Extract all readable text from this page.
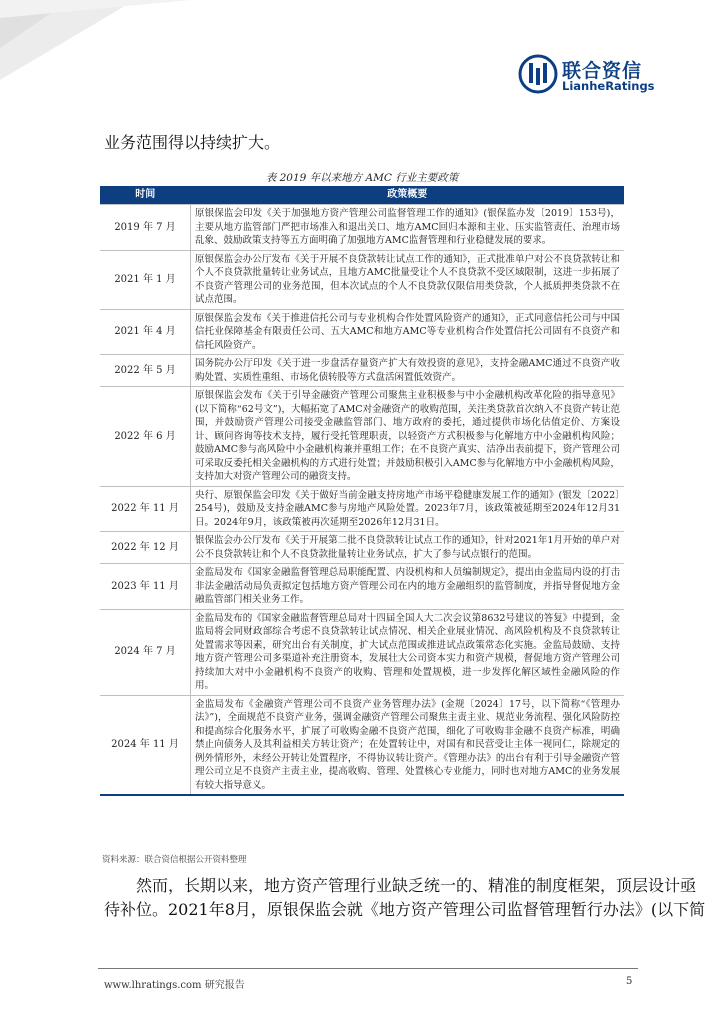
联合资信
LianheRatings
业务范围得以持续扩大。
表 2019 年以来地方 AMC 行业主要政策
时间	政策概要
2019 年 7 月	原银保监会印发《关于加强地方资产管理公司监督管理工作的通知》(银保监办发〔2019〕153号)，主要从地方监管部门严把市场准入和退出关口、地方AMC回归本源和主业、压实监管责任、治理市场乱象、鼓励政策支持等五方面明确了加强地方AMC监督管理和行业稳健发展的要求。
2021 年 1 月	原银保监会办公厅发布《关于开展不良贷款转让试点工作的通知》，正式批准单户对公不良贷款转让和个人不良贷款批量转让业务试点，且地方AMC批量受让个人不良贷款不受区域限制，这进一步拓展了不良资产管理公司的业务范围，但本次试点的个人不良贷款仅限信用类贷款，个人抵质押类贷款不在试点范围。
2021 年 4 月	原银保监会发布《关于推进信托公司与专业机构合作处置风险资产的通知》，正式同意信托公司与中国信托业保障基金有限责任公司、五大AMC和地方AMC等专业机构合作处置信托公司固有不良资产和信托风险资产。
2022 年 5 月	国务院办公厅印发《关于进一步盘活存量资产扩大有效投资的意见》，支持金融AMC通过不良资产收购处置、实质性重组、市场化债转股等方式盘活闲置低效资产。
2022 年 6 月	原银保监会发布《关于引导金融资产管理公司聚焦主业积极参与中小金融机构改革化险的指导意见》(以下简称“62号文”)，大幅拓宽了AMC对金融资产的收购范围，关注类贷款首次纳入不良资产转让范围，并鼓励资产管理公司接受金融监管部门、地方政府的委托，通过提供市场化估值定价、方案设计、顾问咨询等技术支持，履行受托管理职责，以轻资产方式积极参与化解地方中小金融机构风险；鼓励AMC参与高风险中小金融机构兼并重组工作；在不良资产真实、洁净出表前提下，资产管理公司可采取反委托相关金融机构的方式进行处置；并鼓励积极引入AMC参与化解地方中小金融机构风险，支持加大对资产管理公司的融资支持。
2022 年 11 月	央行、原银保监会印发《关于做好当前金融支持房地产市场平稳健康发展工作的通知》(银发〔2022〕254号)，鼓励及支持金融AMC参与房地产风险处置。2023年7月，该政策被延期至2024年12月31日。2024年9月，该政策被再次延期至2026年12月31日。
2022 年 12 月	银保监会办公厅发布《关于开展第二批不良贷款转让试点工作的通知》，针对2021年1月开始的单户对公不良贷款转让和个人不良贷款批量转让业务试点，扩大了参与试点银行的范围。
2023 年 11 月	金监局发布《国家金融监督管理总局职能配置、内设机构和人员编制规定》，提出由金监局内设的打击非法金融活动局负责拟定包括地方资产管理公司在内的地方金融组织的监管制度，并指导督促地方金融监管部门相关业务工作。
2024 年 7 月	金监局发布的《国家金融监督管理总局对十四届全国人大二次会议第8632号建议的答复》中提到，金监局将会同财政部综合考虑不良贷款转让试点情况、相关企业展业情况、高风险机构及不良贷款转让处置需求等因素，研究出台有关制度，扩大试点范围或推进试点政策常态化实施。金监局鼓励、支持地方资产管理公司多渠道补充注册资本，发展壮大公司资本实力和资产规模，督促地方资产管理公司持续加大对中小金融机构不良资产的收购、管理和处置规模，进一步发挥化解区域性金融风险的作用。
2024 年 11 月	金监局发布《金融资产管理公司不良资产业务管理办法》(金规〔2024〕17号，以下简称“《管理办法》”)，全面规范不良资产业务，强调金融资产管理公司聚焦主责主业、规范业务流程、强化风险防控和提高综合化服务水平，扩展了可收购金融不良资产范围，细化了可收购非金融不良资产标准，明确禁止向债务人及其利益相关方转让资产；在处置转让中，对国有和民营受让主体一视同仁，除规定的例外情形外，未经公开转让处置程序，不得协议转让资产。《管理办法》的出台有利于引导金融资产管理公司立足不良资产主责主业，提高收购、管理、处置核心专业能力，同时也对地方AMC的业务发展有较大指导意义。
资料来源：联合资信根据公开资料整理
然而，长期以来，地方资产管理行业缺乏统一的、精准的制度框架，顶层设计亟
待补位。2021年8月，原银保监会就《地方资产管理公司监督管理暂行办法》(以下简
www.lhratings.com 研究报告	5
